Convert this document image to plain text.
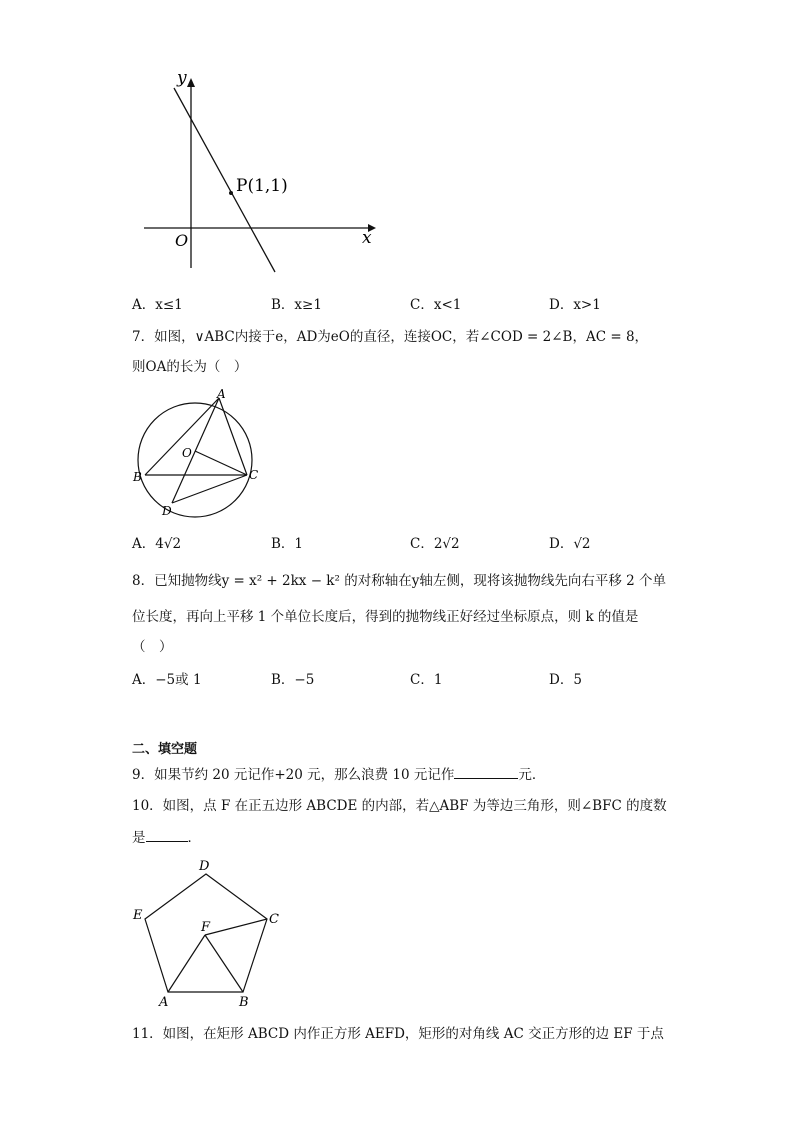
y
x
O
P(1,1)
A．x≤1	B．x≥1	C．x<1	D．x>1
7．如图，∨ABC内接于e，AD为eO的直径，连接OC，若∠COD = 2∠B，AC = 8，
则OA的长为（　）
A
B	C
D
O
A．4√2	B．1	C．2√2	D．√2
8．已知抛物线y = x² + 2kx − k² 的对称轴在y轴左侧，现将该抛物线先向右平移 2 个单
位长度，再向上平移 1 个单位长度后，得到的抛物线正好经过坐标原点，则 k 的值是
（　）
A．−5或 1	B．−5	C．1	D．5
二、填空题
9．如果节约 20 元记作+20 元，那么浪费 10 元记作	元．
10．如图，点 F 在正五边形 ABCDE 的内部，若△ABF 为等边三角形，则∠BFC 的度数
是	．
D
E	C
F
A	B
11．如图，在矩形 ABCD 内作正方形 AEFD，矩形的对角线 AC 交正方形的边 EF 于点
